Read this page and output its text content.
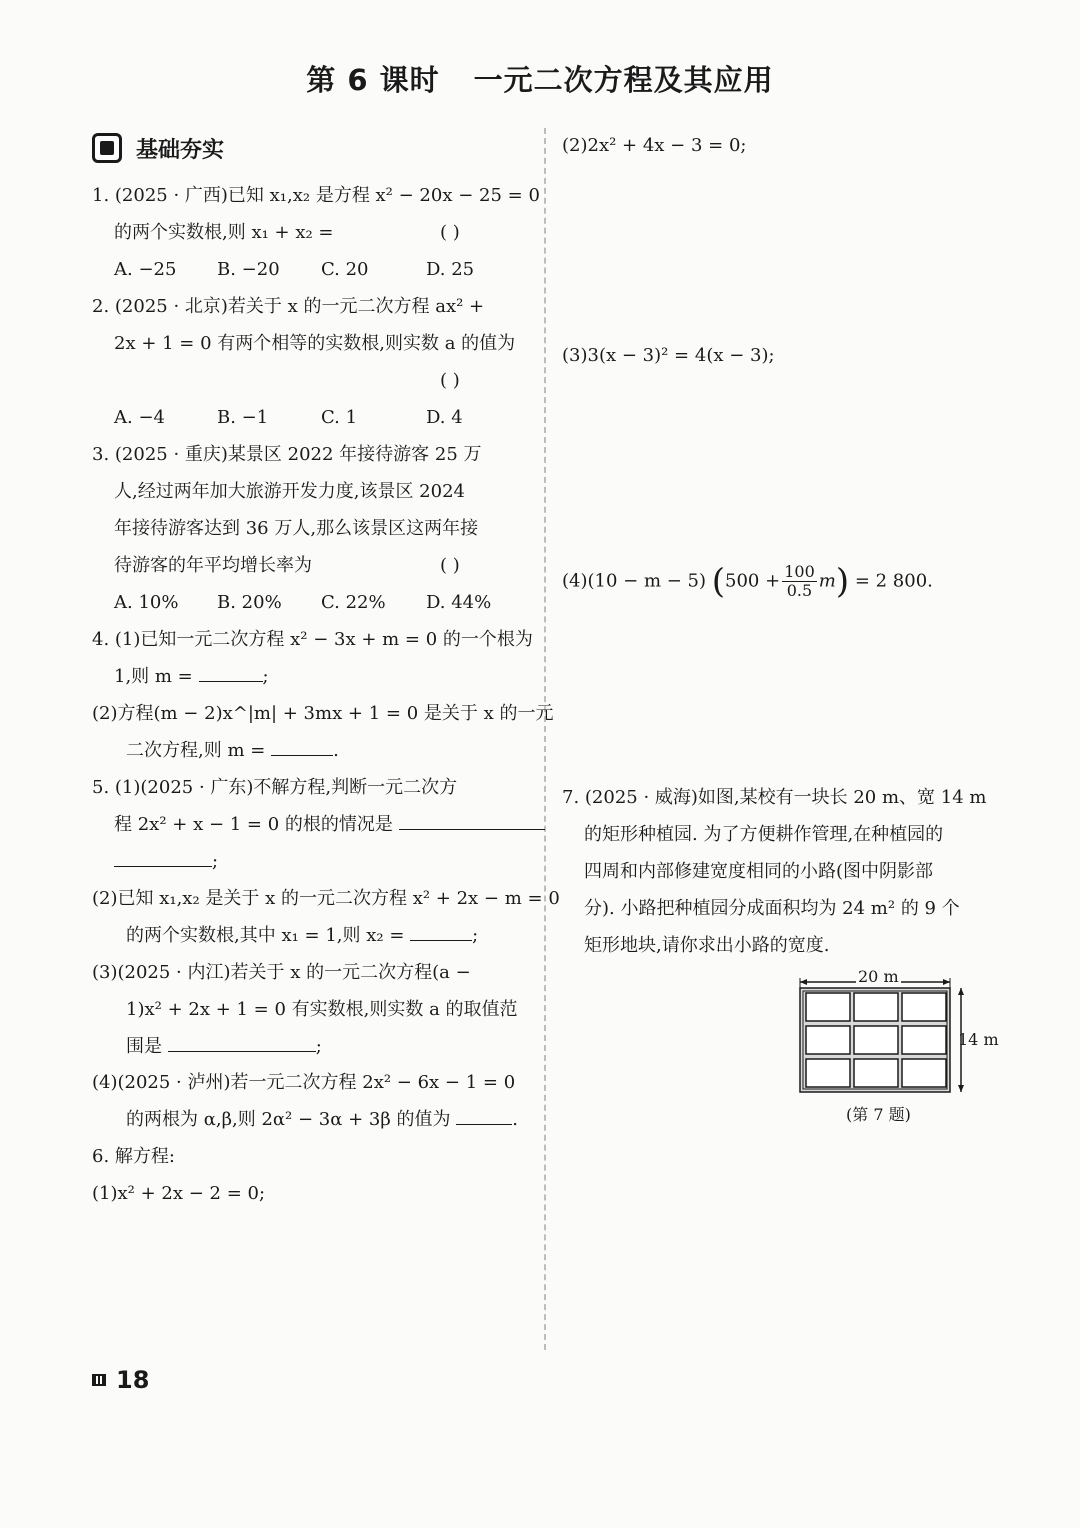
第 6 课时 一元二次方程及其应用
基础夯实
1. (2025 · 广西)已知 x₁,x₂ 是方程 x² − 20x − 25 = 0
的两个实数根,则 x₁ + x₂ =	( )
A. −25 B. −20 C. 20	D. 25
2. (2025 · 北京)若关于 x 的一元二次方程 ax² +
2x + 1 = 0 有两个相等的实数根,则实数 a 的值为
( )
A. −4	B. −1	C. 1	D. 4
3. (2025 · 重庆)某景区 2022 年接待游客 25 万
人,经过两年加大旅游开发力度,该景区 2024
年接待游客达到 36 万人,那么该景区这两年接
待游客的年平均增长率为	( )
A. 10% B. 20% C. 22% D. 44%
4. (1)已知一元二次方程 x² − 3x + m = 0 的一个根为
1,则 m =	;
(2)方程(m − 2)x^|m| + 3mx + 1 = 0 是关于 x 的一元
二次方程,则 m =	.
5. (1)(2025 · 广东)不解方程,判断一元二次方
程 2x² + x − 1 = 0 的根的情况是
;
(2)已知 x₁,x₂ 是关于 x 的一元二次方程 x² + 2x − m = 0
的两个实数根,其中 x₁ = 1,则 x₂ =	;
(3)(2025 · 内江)若关于 x 的一元二次方程(a −
1)x² + 2x + 1 = 0 有实数根,则实数 a 的取值范
围是	;
(4)(2025 · 泸州)若一元二次方程 2x² − 6x − 1 = 0
的两根为 α,β,则 2α² − 3α + 3β 的值为	.
6. 解方程:
(1)x² + 2x − 2 = 0;
(2)2x² + 4x − 3 = 0;
(3)3(x − 3)² = 4(x − 3);
(4)(10 − m − 5) $(500 + \frac{100}{0.5} m) = 2$ 800.
7. (2025 · 威海)如图,某校有一块长 20 m、宽 14 m
的矩形种植园. 为了方便耕作管理,在种植园的
四周和内部修建宽度相同的小路(图中阴影部
分). 小路把种植园分成面积均为 24 m² 的 9 个
矩形地块,请你求出小路的宽度.
20 m
14 m
(第 7 题)
18
